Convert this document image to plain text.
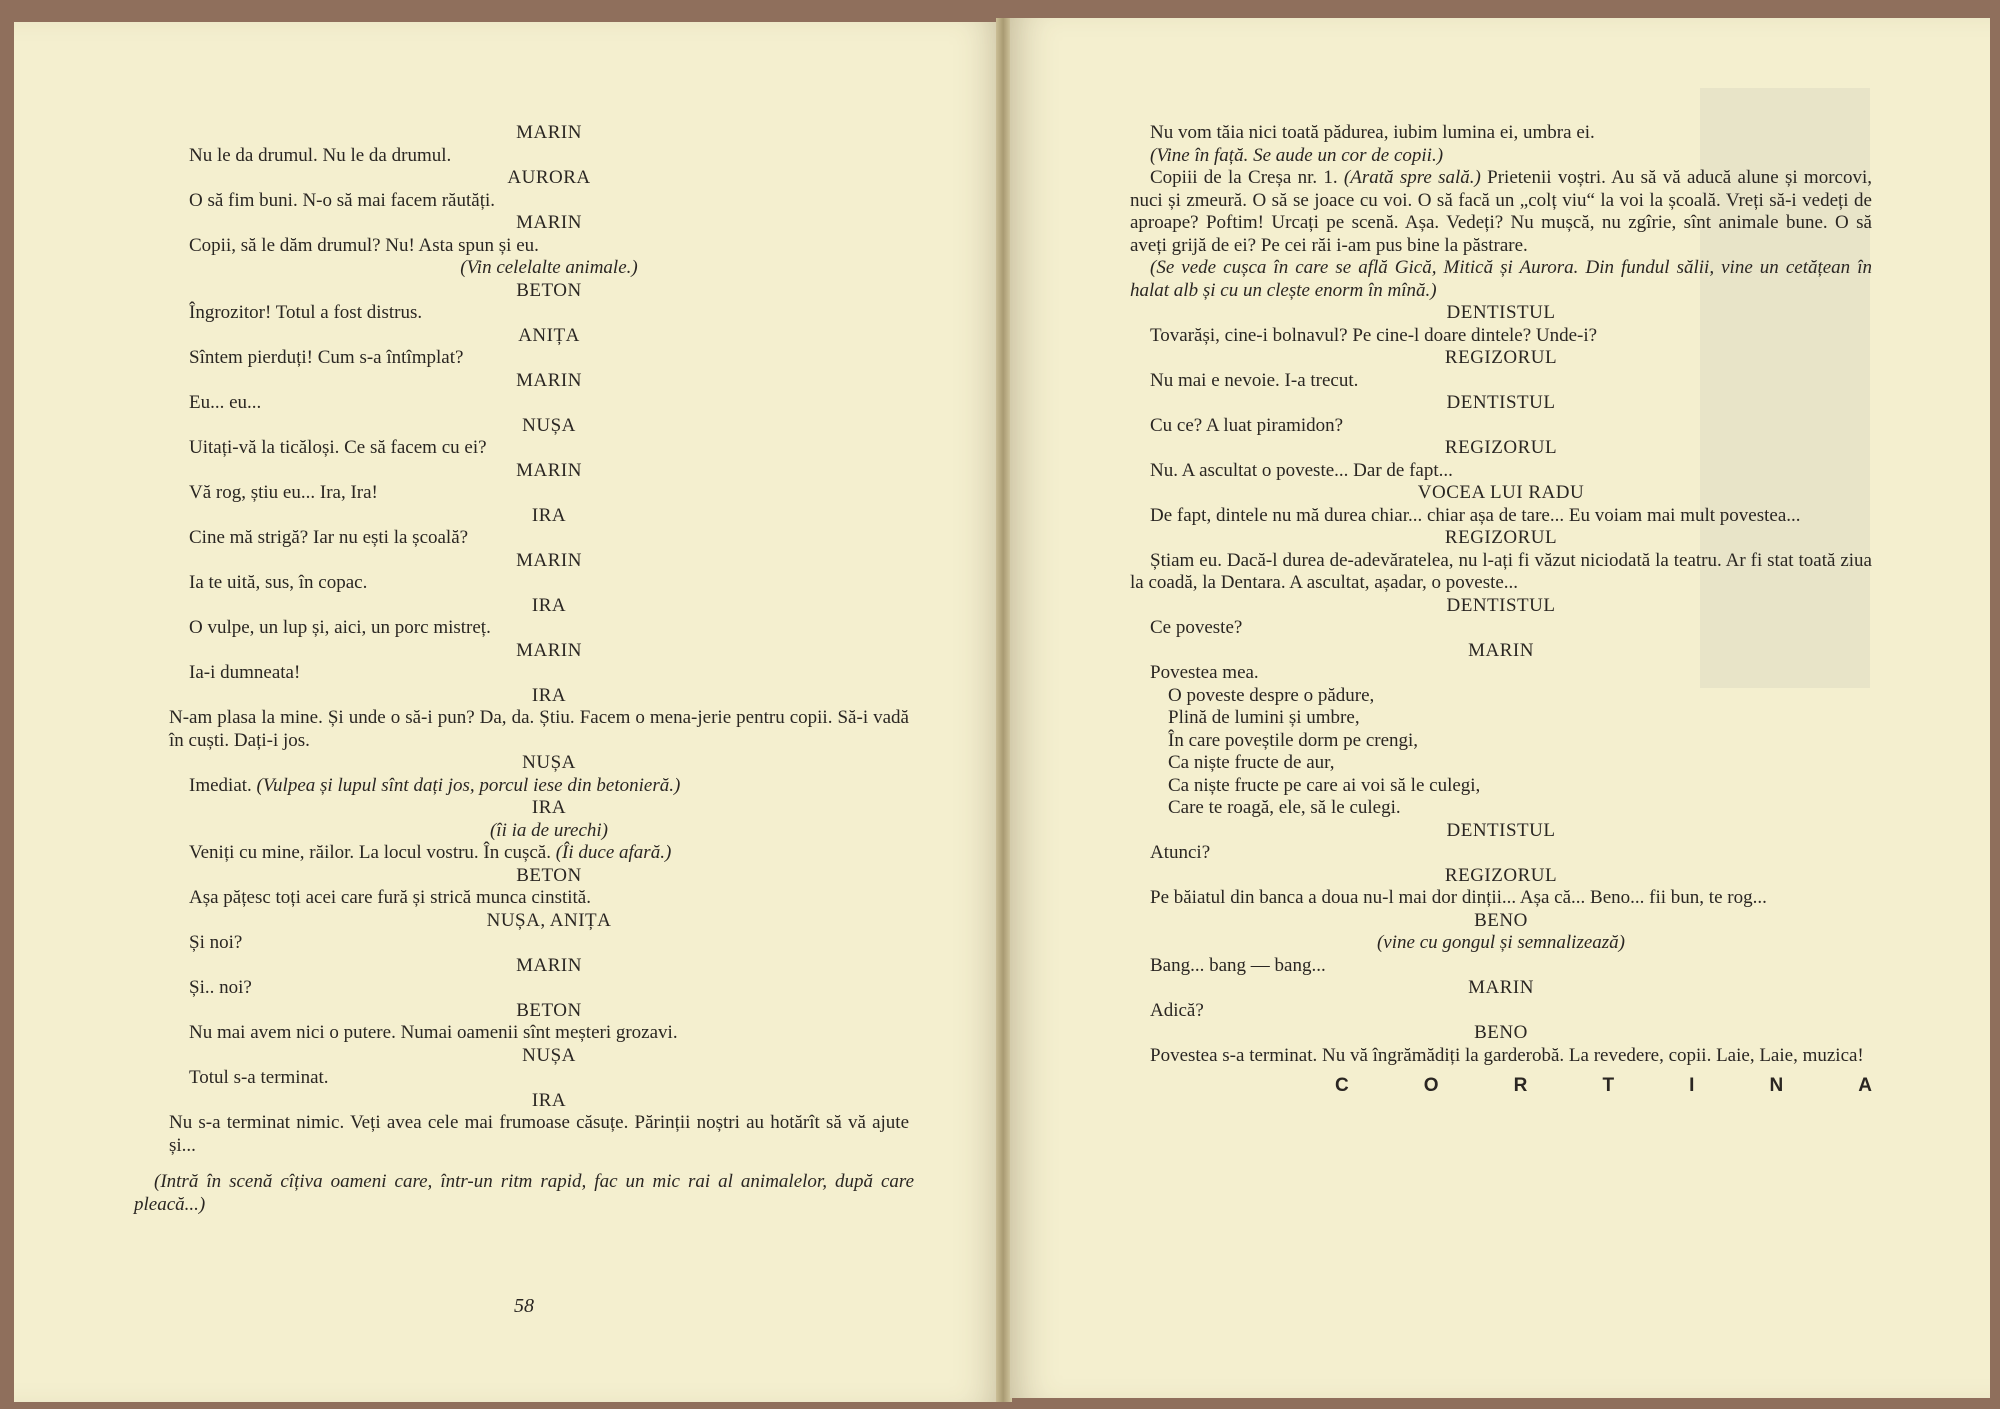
MARIN
Nu le da drumul. Nu le da drumul.
AURORA
O să fim buni. N-o să mai facem răutăți.
MARIN
Copii, să le dăm drumul? Nu! Asta spun și eu.
(Vin celelalte animale.)
BETON
Îngrozitor! Totul a fost distrus.
ANIȚA
Sîntem pierduți! Cum s-a întîmplat?
MARIN
Eu... eu...
NUȘA
Uitați-vă la ticăloși. Ce să facem cu ei?
MARIN
Vă rog, știu eu... Ira, Ira!
IRA
Cine mă strigă? Iar nu ești la școală?
MARIN
Ia te uită, sus, în copac.
IRA
O vulpe, un lup și, aici, un porc mistreț.
MARIN
Ia-i dumneata!
IRA
N-am plasa la mine. Și unde o să-i pun? Da, da. Știu. Facem o mena-jerie pentru copii. Să-i vadă în cuști. Dați-i jos.
NUȘA
Imediat. (Vulpea și lupul sînt dați jos, porcul iese din betonieră.)
IRA
(îi ia de urechi)
Veniți cu mine, răilor. La locul vostru. În cușcă. (Îi duce afară.)
BETON
Așa pățesc toți acei care fură și strică munca cinstită.
NUȘA, ANIȚA
Și noi?
MARIN
Și.. noi?
BETON
Nu mai avem nici o putere. Numai oamenii sînt meșteri grozavi.
NUȘA
Totul s-a terminat.
IRA
Nu s-a terminat nimic. Veți avea cele mai frumoase căsuțe. Părinții noștri au hotărît să vă ajute și...
(Intră în scenă cîțiva oameni care, într-un ritm rapid, fac un mic rai al animalelor, după care pleacă...)
58
Nu vom tăia nici toată pădurea, iubim lumina ei, umbra ei.
(Vine în față. Se aude un cor de copii.)
Copiii de la Creșa nr. 1. (Arată spre sală.) Prietenii voștri. Au să vă aducă alune și morcovi, nuci și zmeură. O să se joace cu voi. O să facă un „colț viu“ la voi la școală. Vreți să-i vedeți de aproape? Poftim! Urcați pe scenă. Așa. Vedeți? Nu mușcă, nu zgîrie, sînt animale bune. O să aveți grijă de ei? Pe cei răi i-am pus bine la păstrare.
(Se vede cușca în care se află Gică, Mitică și Aurora. Din fundul sălii, vine un cetățean în halat alb și cu un clește enorm în mînă.)
DENTISTUL
Tovarăși, cine-i bolnavul? Pe cine-l doare dintele? Unde-i?
REGIZORUL
Nu mai e nevoie. I-a trecut.
DENTISTUL
Cu ce? A luat piramidon?
REGIZORUL
Nu. A ascultat o poveste... Dar de fapt...
VOCEA LUI RADU
De fapt, dintele nu mă durea chiar... chiar așa de tare... Eu voiam mai mult povestea...
REGIZORUL
Știam eu. Dacă-l durea de-adevăratelea, nu l-ați fi văzut niciodată la teatru. Ar fi stat toată ziua la coadă, la Dentara. A ascultat, așadar, o poveste...
DENTISTUL
Ce poveste?
MARIN
Povestea mea.
O poveste despre o pădure,
Plină de lumini și umbre,
În care poveștile dorm pe crengi,
Ca niște fructe de aur,
Ca niște fructe pe care ai voi să le culegi,
Care te roagă, ele, să le culegi.
DENTISTUL
Atunci?
REGIZORUL
Pe băiatul din banca a doua nu-l mai dor dinții... Așa că... Beno... fii bun, te rog...
BENO
(vine cu gongul și semnalizează)
Bang... bang — bang...
MARIN
Adică?
BENO
Povestea s-a terminat. Nu vă îngrămădiți la garderobă. La revedere, copii. Laie, Laie, muzica!
C	O	R	T	I	N	A
